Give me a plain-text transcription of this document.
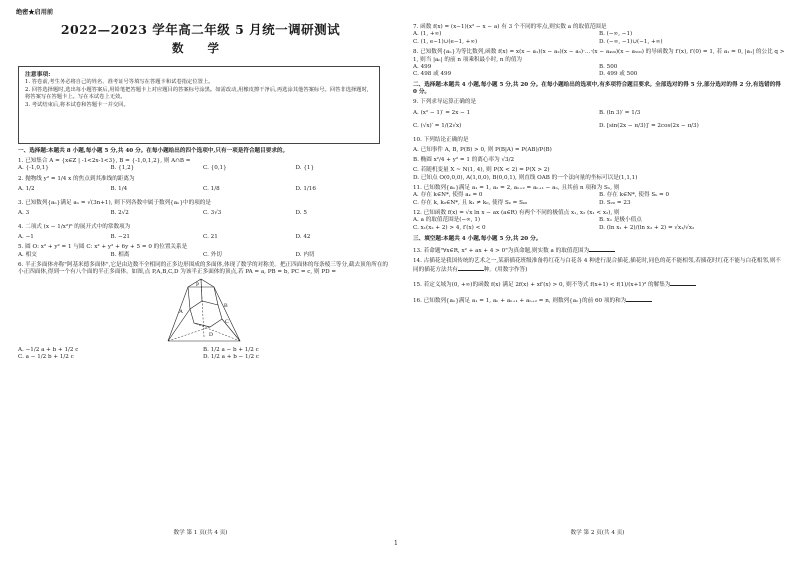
绝密★启用前
2022—2023 学年高二年级 5 月统一调研测试
数 学

注意事项:

1. 答卷前,考生务必将自己的姓名、准考证号等填写在答题卡和试卷指定位置上。

2. 回答选择题时,选出每小题答案后,用铅笔把答题卡上对应题目的答案标号涂黑。如需改动,用橡皮擦干净后,再选涂其他答案标号。回答非选择题时,将答案写在答题卡上。写在本试卷上无效。

3. 考试结束后,将本试卷和答题卡一并交回。

一、选择题:本题共 8 小题,每小题 5 分,共 40 分。在每小题给出的四个选项中,只有一项是符合题目要求的。

1. 已知集合 A = {x∈Z | -1<2x-1<3}, B = {-1,0,1,2}, 则 A∩B =

A. {-1,0,1}	B. {1,2}	C. {0,1}	D. {1}

2. 抛物线 y² = 1/4 x 的焦点到其准线的距离为

A. 1/2	B. 1/4	C. 1/8	D. 1/16

3. 已知数列{aₙ}满足 aₙ = √(3n+1), 则下列各数中属于数列{aₙ}中的项的是

A. 3	B. 2√2	C. 3√3	D. 5

4. 二项式 (x − 1/x²)⁶ 的展开式中的常数项为

A. −1	B. −21	C. 21	D. 42

5. 圆 O: x² + y² = 1 与圆 C: x² + y² + 6y + 5 = 0 的位置关系是

A. 相交	B. 相离	C. 外切	D. 内切

6. 半正多面体亦称"阿基米德多面体",它是由边数不全相同的正多边形围成的多面体,体现了数学的对称美。把正四面体的每条棱三等分,截去顶角所在的小正四面体,得到一个有八个面的半正多面体。如图,点 P,A,B,C,D 为该半正多面体的顶点,若 PA = a, PB = b, PC = c, 则 PD =

P
A
B
C
D
A. −1/2 a + b + 1/2 c	B. 1/2 a − b + 1/2 c
C. a − 1/2 b + 1/2 c	D. 1/2 a + b − 1/2 c
数学 第 1 页(共 4 页)

7. 函数 f(x) = (x−1)(x² − x − a) 有 3 个不同的零点,则实数 a 的取值范围是

A. (1, +∞)	B. (−∞, −1)
C. (1, e−1)∪(e−1, +∞)	D. (−∞, −1)∪(−1, +∞)

8. 已知数列{aₙ}为等比数列,函数 f(x) = x(x − a₁)(x − a₂)(x − a₃)·…·(x − a₄₉₉)(x − a₅₀₀) 的导函数为 f′(x), f′(0) = 1, 若 a₁ = 0, |a₁| 的公比 q > 1, 则当 |aₙ| 的前 n 项乘积最小时, n 的值为

A. 499	B. 500
C. 498 或 499	D. 499 或 500

二、选择题:本题共 4 小题,每小题 5 分,共 20 分。在每小题给出的选项中,有多项符合题目要求。全部选对的得 5 分,部分选对的得 2 分,有选错的得 0 分。

9. 下列求导运算正确的是

A. (x² − 1)′ = 2x − 1	B. (ln 3)′ = 1/3
C. (√x)′ = 1/(2√x)	D. [sin(2x − π/3)]′ = 2cos(2x − π/3)

10. 下列结论正确的是

A. 已知事件 A, B, P(B) > 0, 则 P(B|A) = P(AB)/P(B)

B. 椭圆 x²/4 + y² = 1 的离心率为 √3/2

C. 若随机变量 X ~ N(1, 4), 则 P(X < 2) = P(X > 2)

D. 已知点 O(0,0,0), A(1,0,0), B(0,0,1), 则直线 OAB 的一个法向量的坐标可以是(1,1,1)

11. 已知数列{aₙ}满足 a₁ = 1, a₂ = 2, aₙ₊₂ = aₙ₊₁ − aₙ, 且其前 n 项和为 Sₙ, 则

A. 存在 k∈N*, 使得 aₖ = 0	B. 存在 k∈N*, 使得 Sₖ = 0
C. 存在 k, k₀∈N*, 且 k₁ ≠ k₀, 使得 Sₖ = Sₖ₀	D. S₂₀ = 23

12. 已知函数 f(x) = √x ln x − ax (a∈R) 有两个不同的极值点 x₁, x₂ (x₁ < x₂), 则

A. a 的取值范围是(−∞, 1)	B. x₁ 是极小值点
C. x₁(x₂ + 2) > 4, f′(x) < 0	D. (ln x₁ + 2)/(ln x₂ + 2) = √x₁/√x₂

三、填空题:本题共 4 小题,每小题 5 分,共 20 分。

13. 若命题"∀x∈R, x² + ax + 4 > 0"为真命题,则实数 a 的取值范围为

14. 古插花是我国传统的艺术之一,某新插花班级准备将红花与白花各 4 种进行混合插花,插花时,同色的花不能相邻,若插花时红花不能与白花相邻,则不同的插花方法共有	种。(用数字作答)

15. 若定义域为(0, +∞)的函数 f(x) 满足 2f(x) + xf′(x) > 0, 则不等式 f(x+1) < f(1)/(x+1)² 的解集为

16. 已知数列{aₙ}满足 a₁ = 1, aₙ + aₙ₊₁ + aₙ₊₂ = n, 则数列{aₙ}的前 60 项的和为

数学 第 2 页(共 4 页)
1
